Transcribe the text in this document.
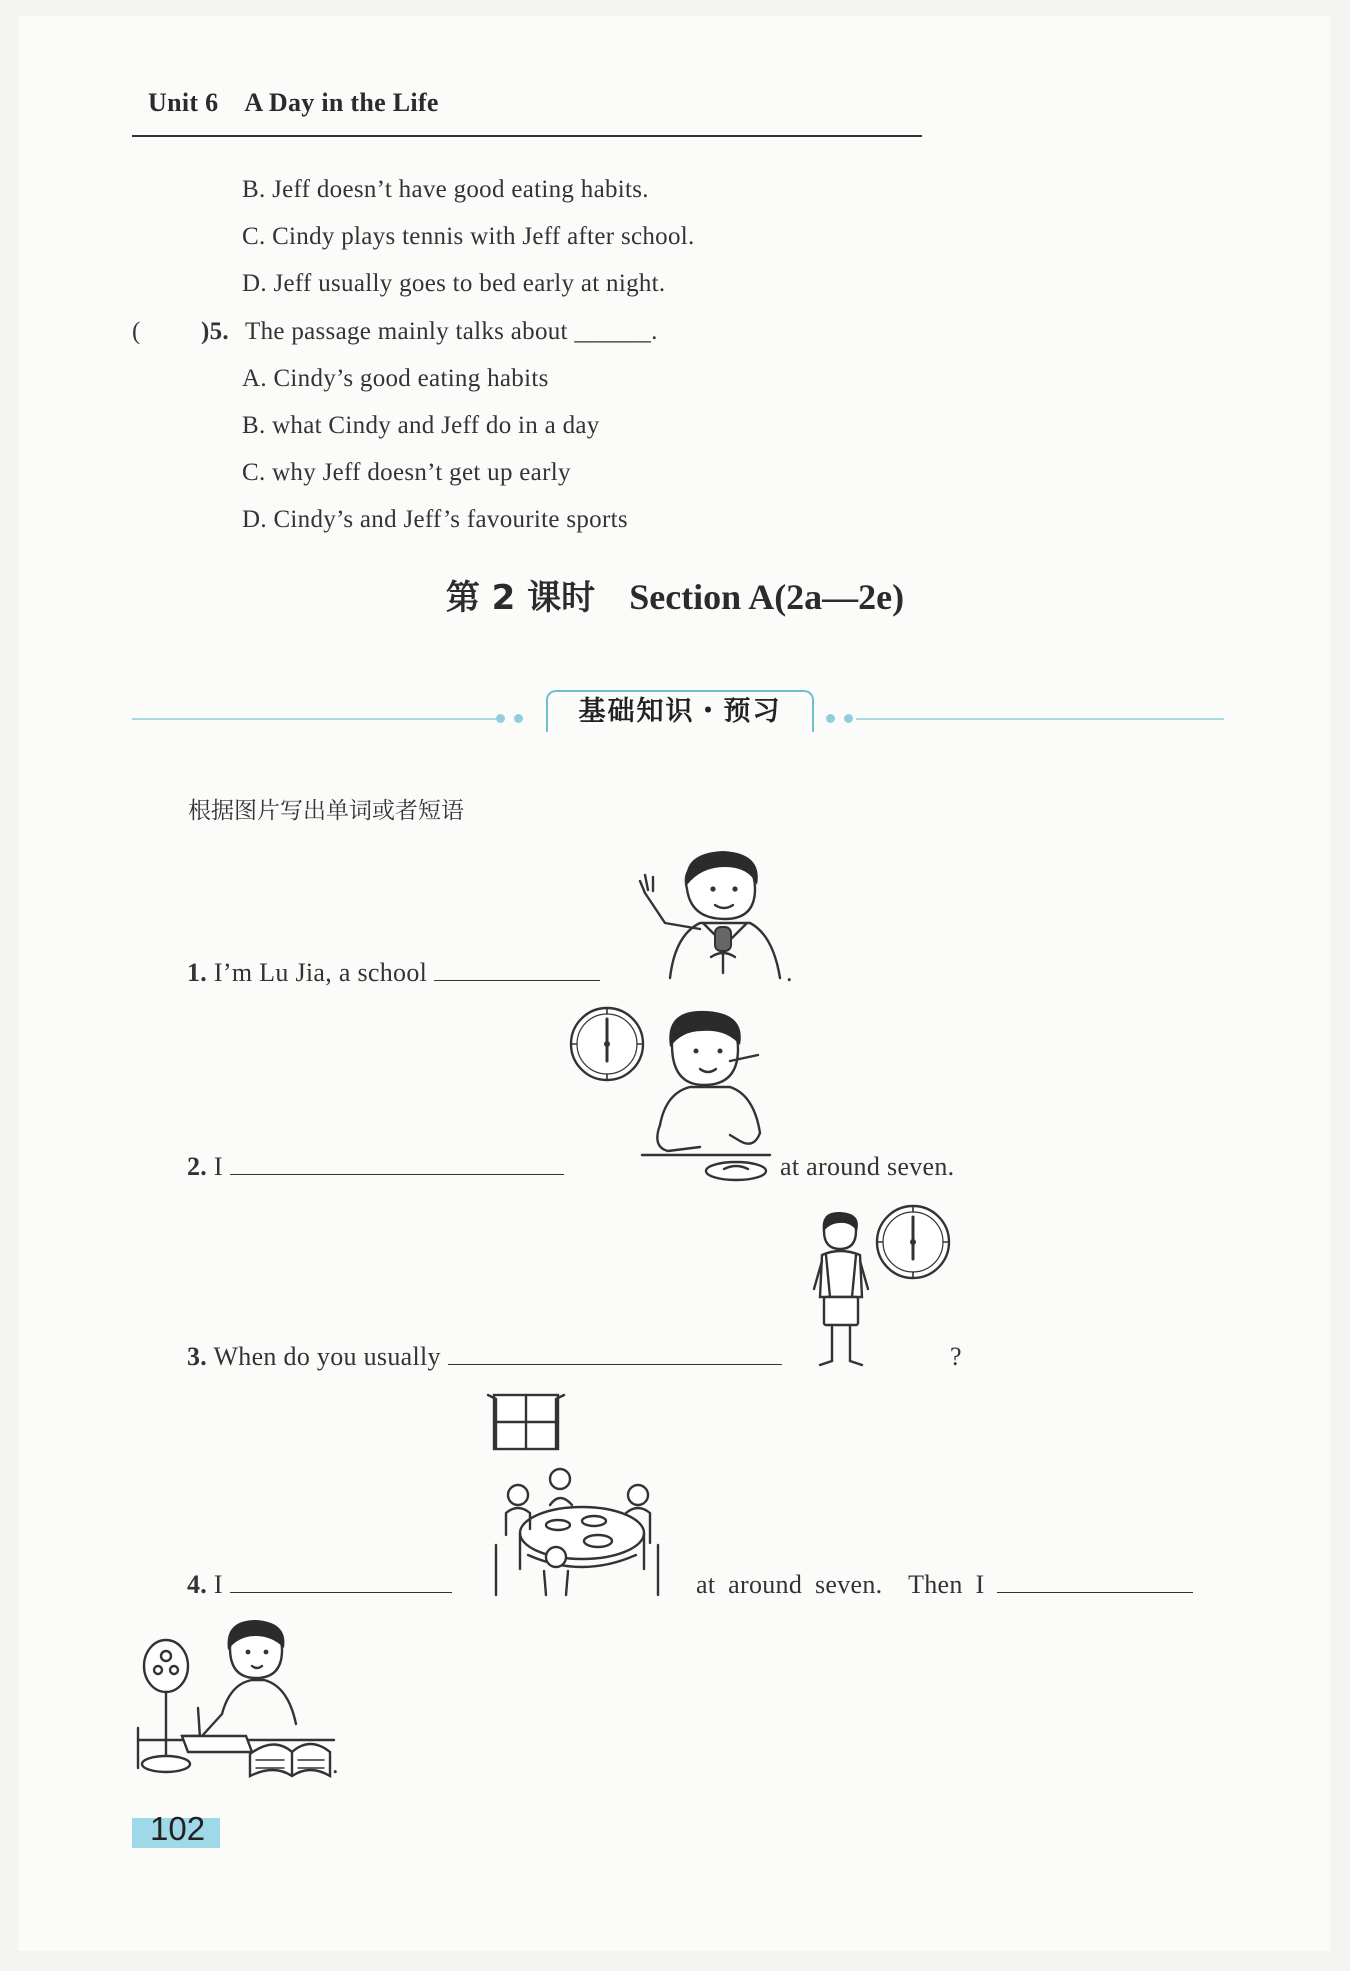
Unit 6 A Day in the Life
B. Jeff doesn’t have good eating habits.
C. Cindy plays tennis with Jeff after school.
D. Jeff usually goes to bed early at night.
( )5. The passage mainly talks about ______.
A. Cindy’s good eating habits
B. what Cindy and Jeff do in a day
C. why Jeff doesn’t get up early
D. Cindy’s and Jeff’s favourite sports
第 2 课时 Section A(2a—2e)
基础知识・预习
根据图片写出单词或者短语
1. I’m Lu Jia, a school	.
2. I	at around seven.
3. When do you usually	?
4. I	at around seven. Then I
.
102
